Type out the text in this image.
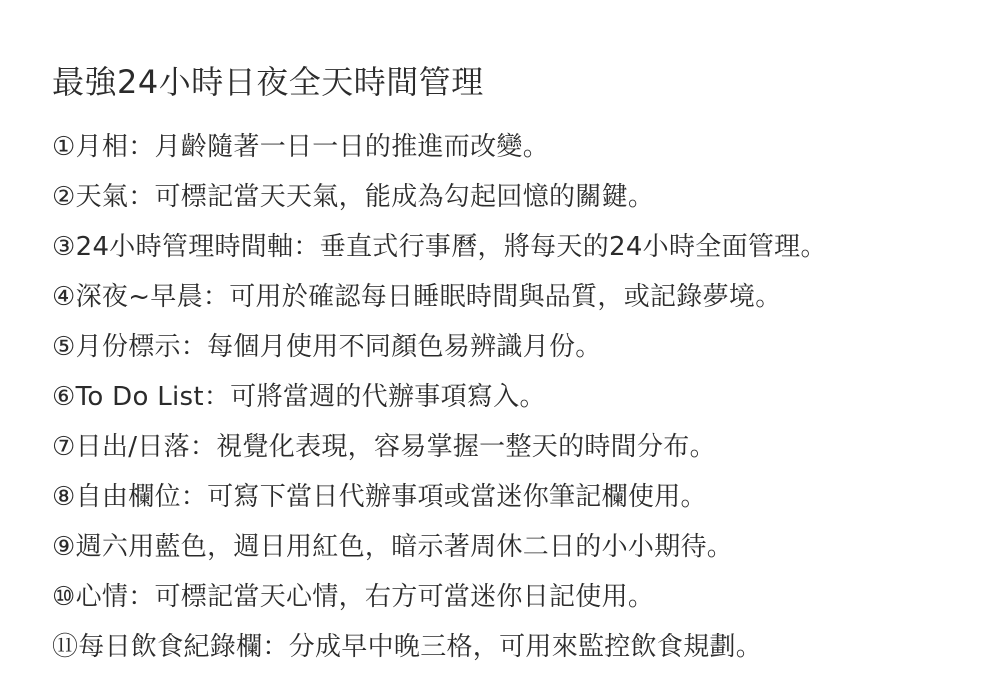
最強24小時日夜全天時間管理
①月相：月齡隨著一日一日的推進而改變。
②天氣：可標記當天天氣，能成為勾起回憶的關鍵。
③24小時管理時間軸：垂直式行事曆，將每天的24小時全面管理。
④深夜~早晨：可用於確認每日睡眠時間與品質，或記錄夢境。
⑤月份標示：每個月使用不同顏色易辨識月份。
⑥To Do List：可將當週的代辦事項寫入。
⑦日出/日落：視覺化表現，容易掌握一整天的時間分布。
⑧自由欄位：可寫下當日代辦事項或當迷你筆記欄使用。
⑨週六用藍色，週日用紅色，暗示著周休二日的小小期待。
⑩心情：可標記當天心情，右方可當迷你日記使用。
⑪每日飲食紀錄欄：分成早中晚三格，可用來監控飲食規劃。
